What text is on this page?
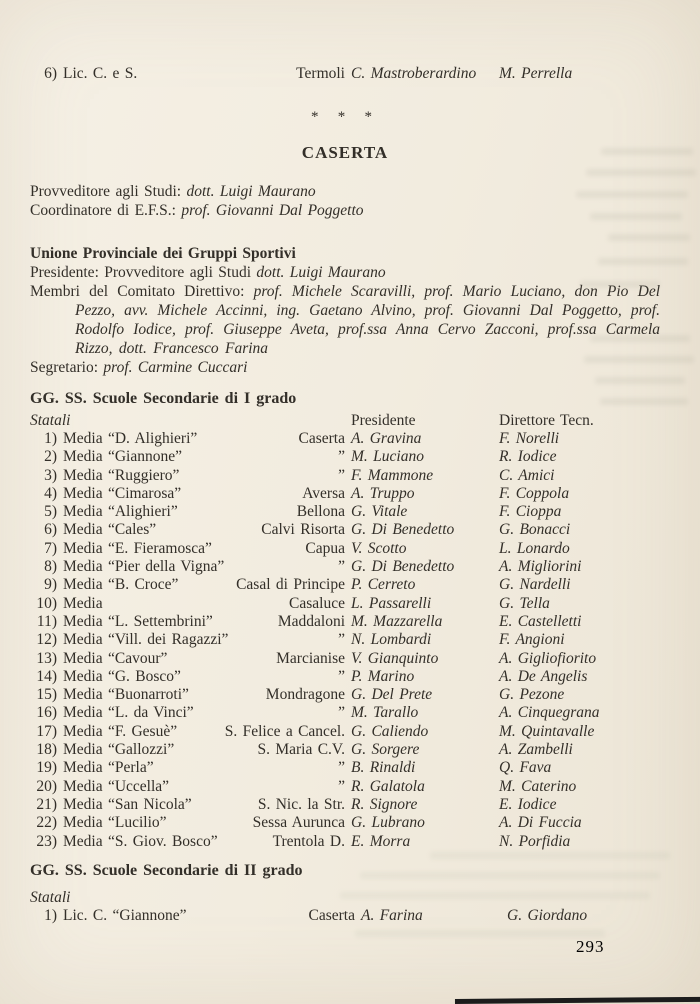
6) Lic. C. e S.	Termoli C. Mastroberardino	M. Perrella
* * *
CASERTA

Provveditore agli Studi: dott. Luigi Maurano

Coordinatore di E.F.S.: prof. Giovanni Dal Poggetto

Unione Provinciale dei Gruppi Sportivi

Presidente: Provveditore agli Studi dott. Luigi Maurano

Membri del Comitato Direttivo: prof. Michele Scaravilli, prof. Mario Luciano, don Pio Del Pezzo, avv. Michele Accinni, ing. Gaetano Alvino, prof. Giovanni Dal Poggetto, prof. Rodolfo Iodice, prof. Giuseppe Aveta, prof.ssa Anna Cervo Zacconi, prof.ssa Carmela Rizzo, dott. Francesco Farina

Segretario: prof. Carmine Cuccari

GG. SS. Scuole Secondarie di I grado
Statali	Presidente	Direttore Tecn.
1) Media “D. Alighieri”	Caserta A. Gravina	F. Norelli
2) Media “Giannone”	” M. Luciano	R. Iodice
3) Media “Ruggiero”	” F. Mammone	C. Amici
4) Media “Cimarosa”	Aversa A. Truppo	F. Coppola
5) Media “Alighieri”	Bellona G. Vitale	F. Cioppa
6) Media “Cales”	Calvi Risorta G. Di Benedetto	G. Bonacci
7) Media “E. Fieramosca”	Capua V. Scotto	L. Lonardo
8) Media “Pier della Vigna”	” G. Di Benedetto	A. Migliorini
9) Media “B. Croce”	Casal di Principe P. Cerreto	G. Nardelli
10) Media	Casaluce L. Passarelli	G. Tella
11) Media “L. Settembrini”	Maddaloni M. Mazzarella	E. Castelletti
12) Media “Vill. dei Ragazzi”	” N. Lombardi	F. Angioni
13) Media “Cavour”	Marcianise V. Gianquinto	A. Gigliofiorito
14) Media “G. Bosco”	” P. Marino	A. De Angelis
15) Media “Buonarroti”	Mondragone G. Del Prete	G. Pezone
16) Media “L. da Vinci”	” M. Tarallo	A. Cinquegrana
17) Media “F. Gesuè”	S. Felice a Cancel. G. Caliendo	M. Quintavalle
18) Media “Gallozzi”	S. Maria C.V. G. Sorgere	A. Zambelli
19) Media “Perla”	” B. Rinaldi	Q. Fava
20) Media “Uccella”	” R. Galatola	M. Caterino
21) Media “San Nicola”	S. Nic. la Str. R. Signore	E. Iodice
22) Media “Lucilio”	Sessa Aurunca G. Lubrano	A. Di Fuccia
23) Media “S. Giov. Bosco”	Trentola D. E. Morra	N. Porfidia
GG. SS. Scuole Secondarie di II grado
Statali
1) Lic. C. “Giannone”	Caserta A. Farina	G. Giordano
293
